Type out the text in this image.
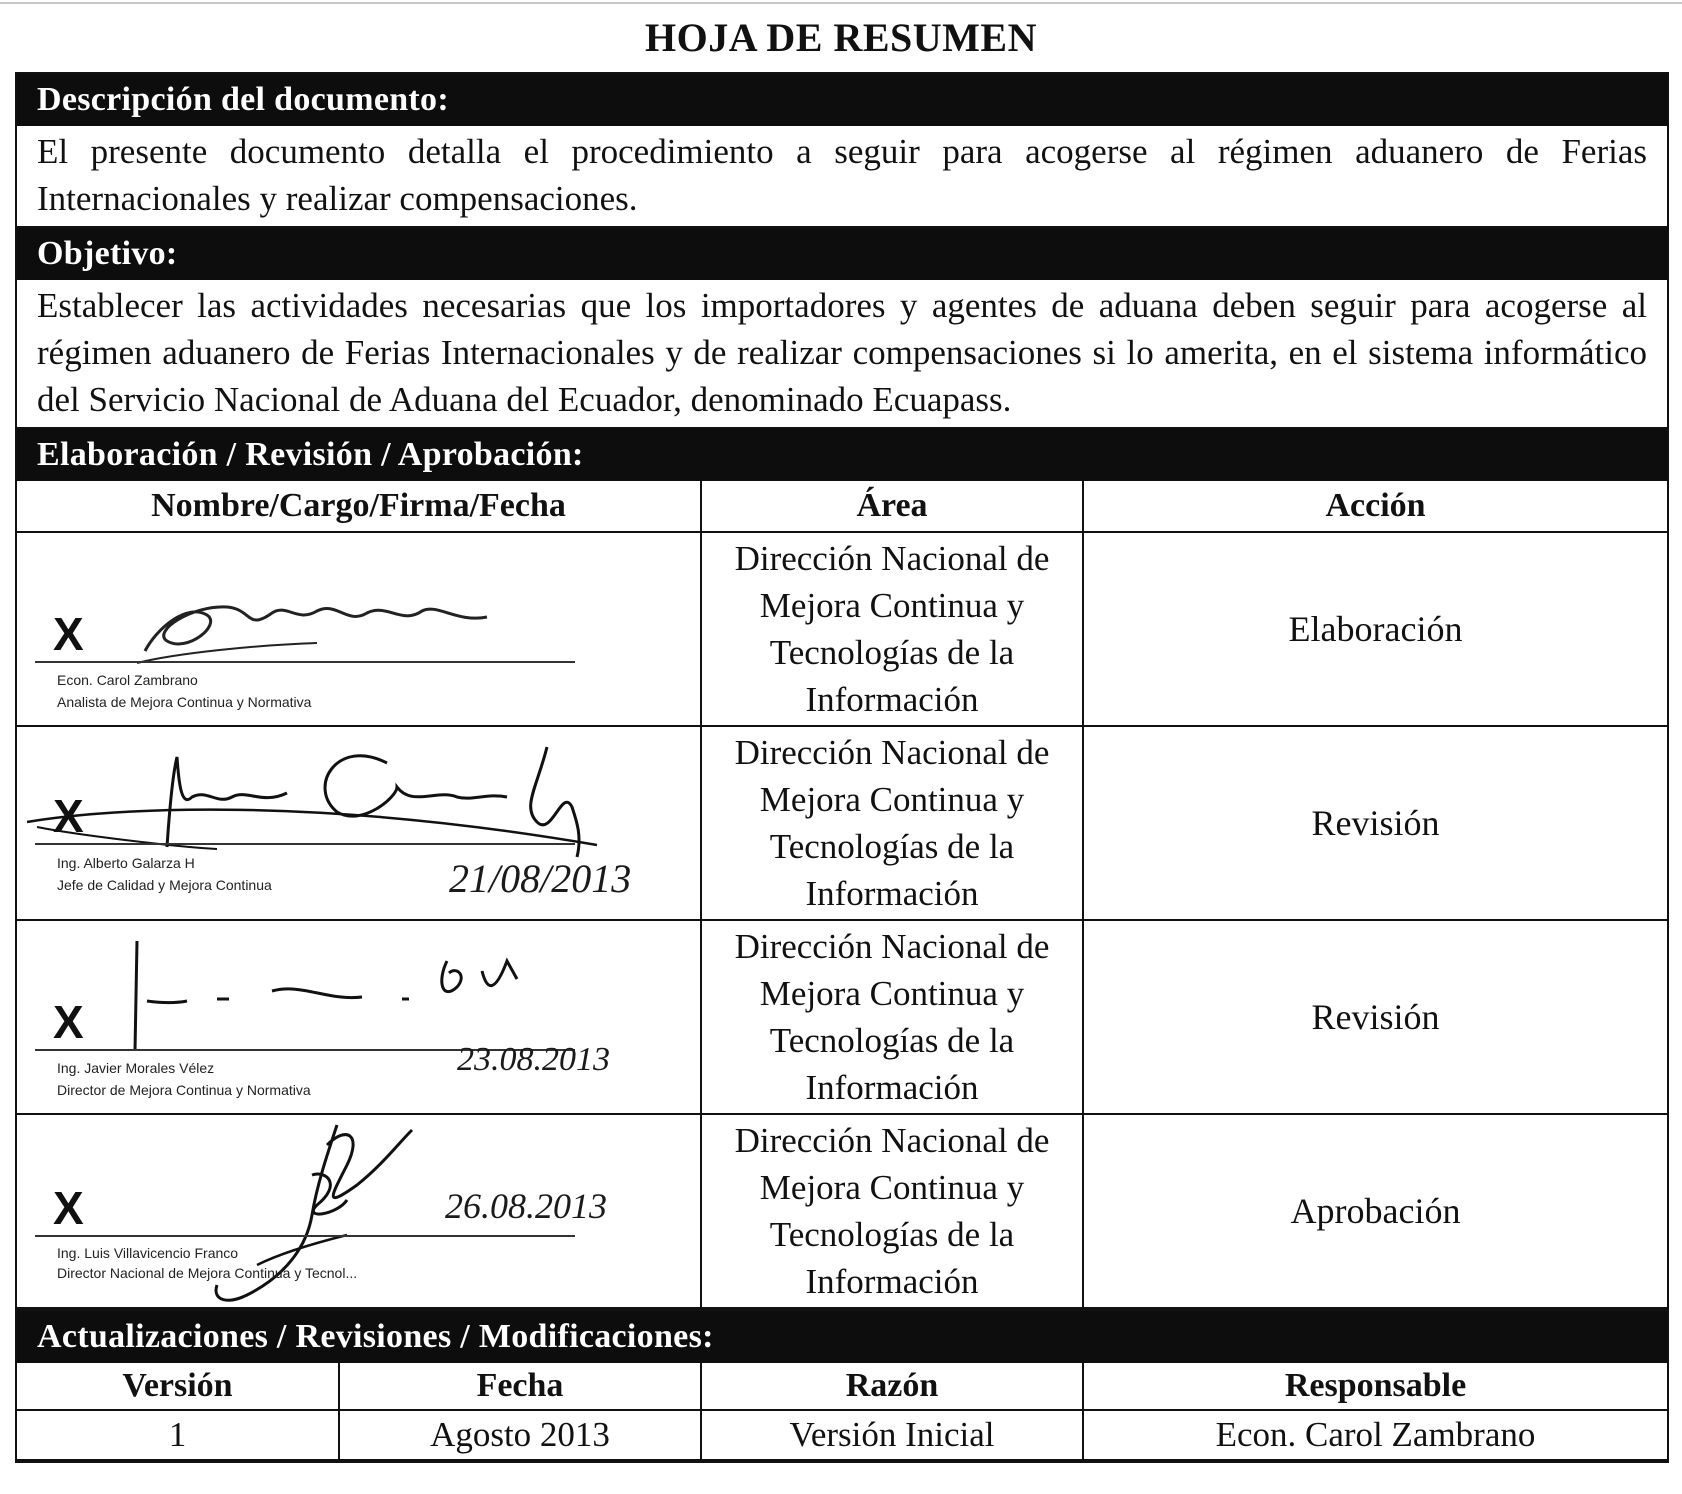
HOJA DE RESUMEN
Descripción del documento:
El presente documento detalla el procedimiento a seguir para acogerse al régimen aduanero de Ferias Internacionales y realizar compensaciones.
Objetivo:
Establecer las actividades necesarias que los importadores y agentes de aduana deben seguir para acogerse al régimen aduanero de Ferias Internacionales y de realizar compensaciones si lo amerita, en el sistema informático del Servicio Nacional de Aduana del Ecuador, denominado Ecuapass.
Elaboración / Revisión / Aprobación:
Nombre/Cargo/Firma/Fecha	Área	Acción

X
Econ. Carol Zambrano
Analista de Mejora Continua y Normativa	Dirección Nacional de Mejora Continua y Tecnologías de la Información	Elaboración

X
Ing. Alberto Galarza H
Jefe de Calidad y Mejora Continua 21/08/2013	Dirección Nacional de Mejora Continua y Tecnologías de la Información	Revisión

X
Ing. Javier Morales Vélez
Director de Mejora Continua y Normativa
23.08.2013	Dirección Nacional de Mejora Continua y Tecnologías de la Información	Revisión

X
Ing. Luis Villavicencio Franco
Director Nacional de Mejora Continua y Tecnol...
26.08.2013	Dirección Nacional de Mejora Continua y Tecnologías de la Información	Aprobación
Actualizaciones / Revisiones / Modificaciones:
Versión	Fecha	Razón	Responsable
1	Agosto 2013	Versión Inicial	Econ. Carol Zambrano
